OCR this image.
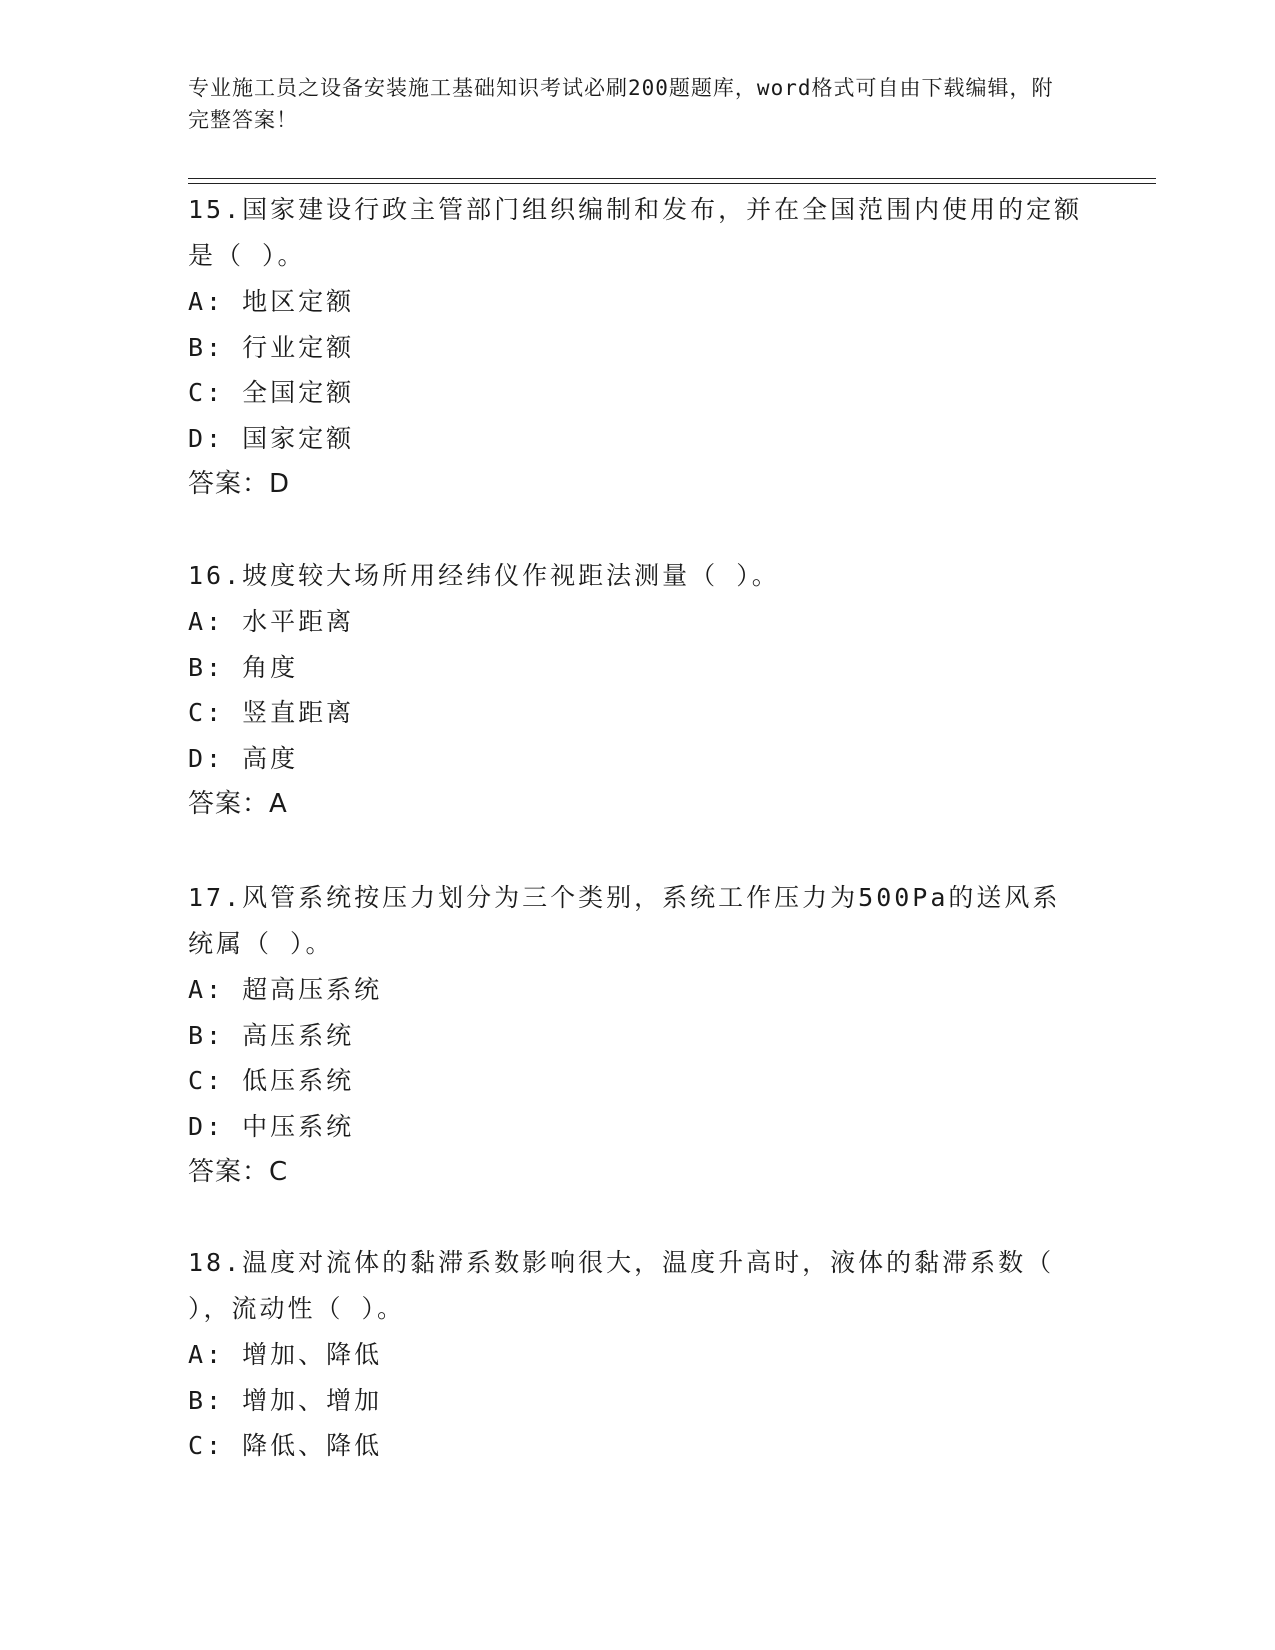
专业施工员之设备安装施工基础知识考试必刷200题题库，word格式可自由下载编辑，附完整答案！

15.国家建设行政主管部门组织编制和发布，并在全国范围内使用的定额是（ ）。

A: 地区定额

B: 行业定额

C: 全国定额

D: 国家定额

答案：D

16.坡度较大场所用经纬仪作视距法测量（ ）。

A: 水平距离

B: 角度

C: 竖直距离

D: 高度

答案：A

17.风管系统按压力划分为三个类别，系统工作压力为500Pa的送风系统属（ ）。

A: 超高压系统

B: 高压系统

C: 低压系统

D: 中压系统

答案：C

18.温度对流体的黏滞系数影响很大，温度升高时，液体的黏滞系数（ ），流动性（ ）。

A: 增加、降低

B: 增加、增加

C: 降低、降低
